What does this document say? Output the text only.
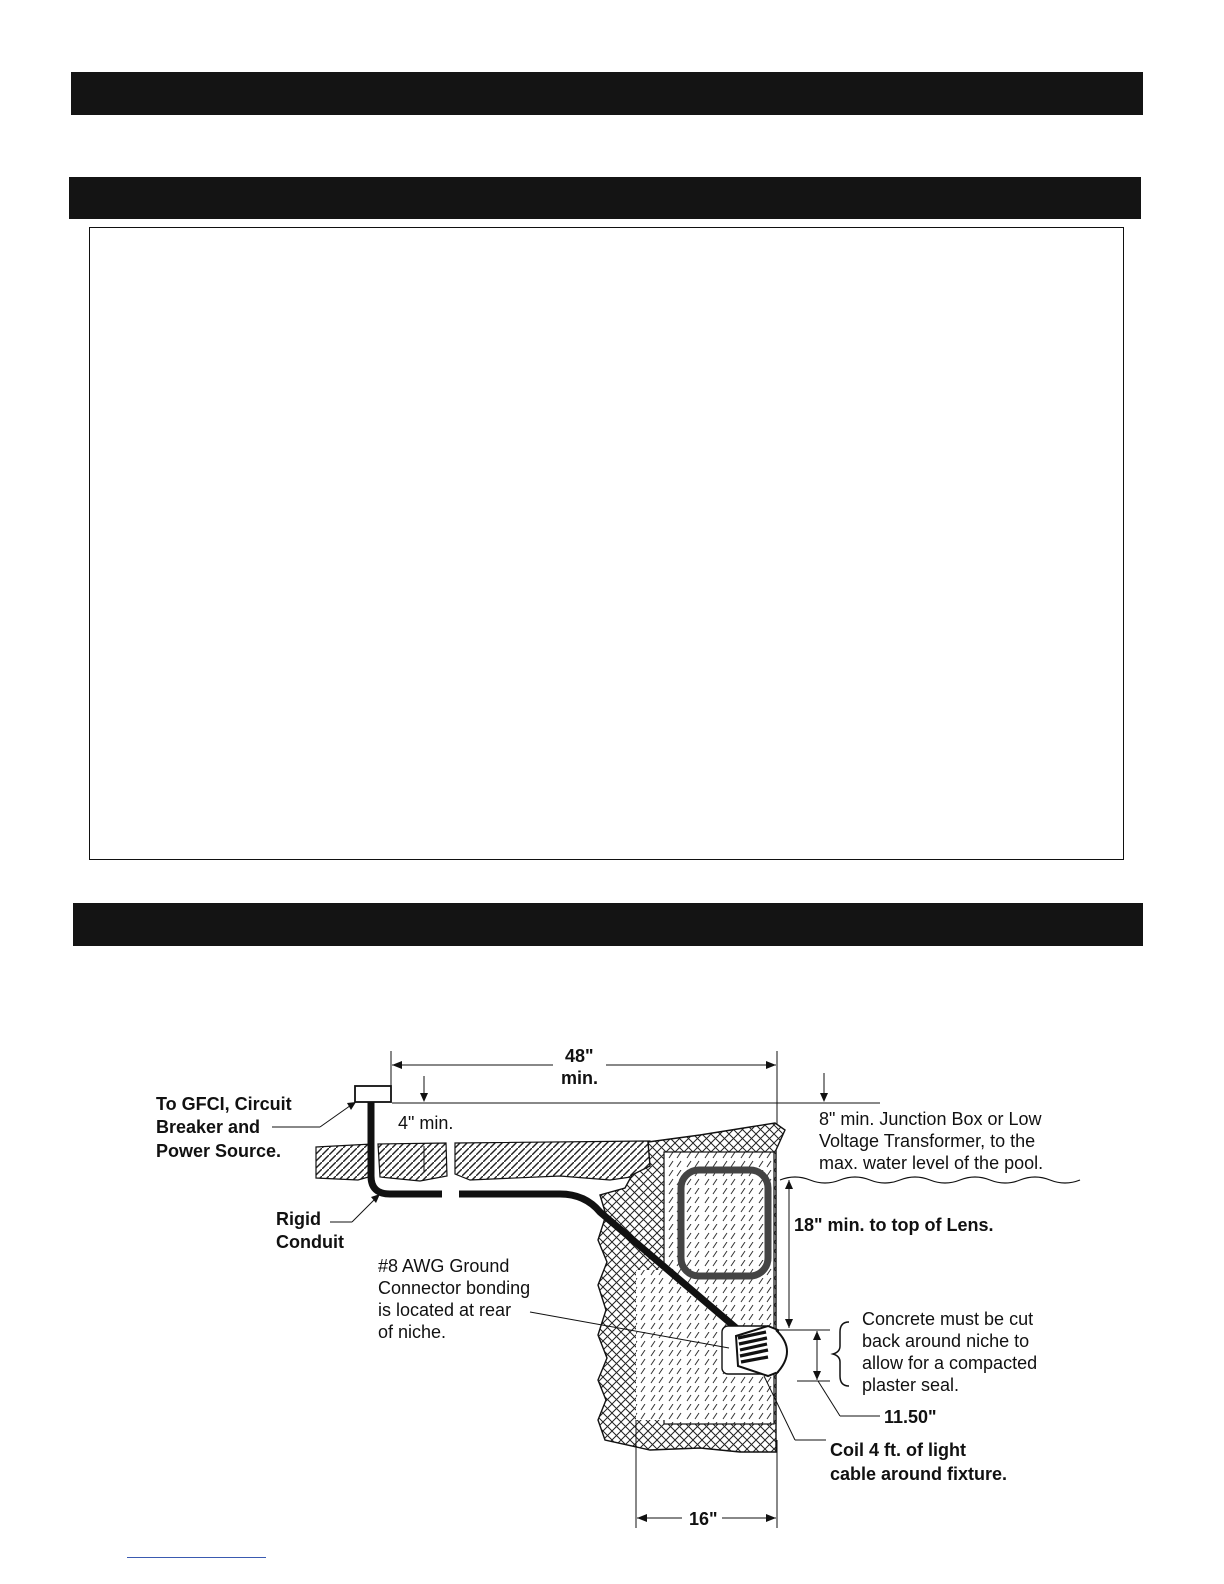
48"
min.
4" min.
To GFCI, Circuit Breaker and Power Source.
8" min. Junction Box or Low Voltage Transformer, to the max. water level of the pool.
Rigid Conduit
18" min. to top of Lens.
#8 AWG Ground Connector bonding is located at rear of niche.
11.50"
Concrete must be cut back around niche to allow for a compacted plaster seal.
Coil 4 ft. of light cable around fixture.
16"
